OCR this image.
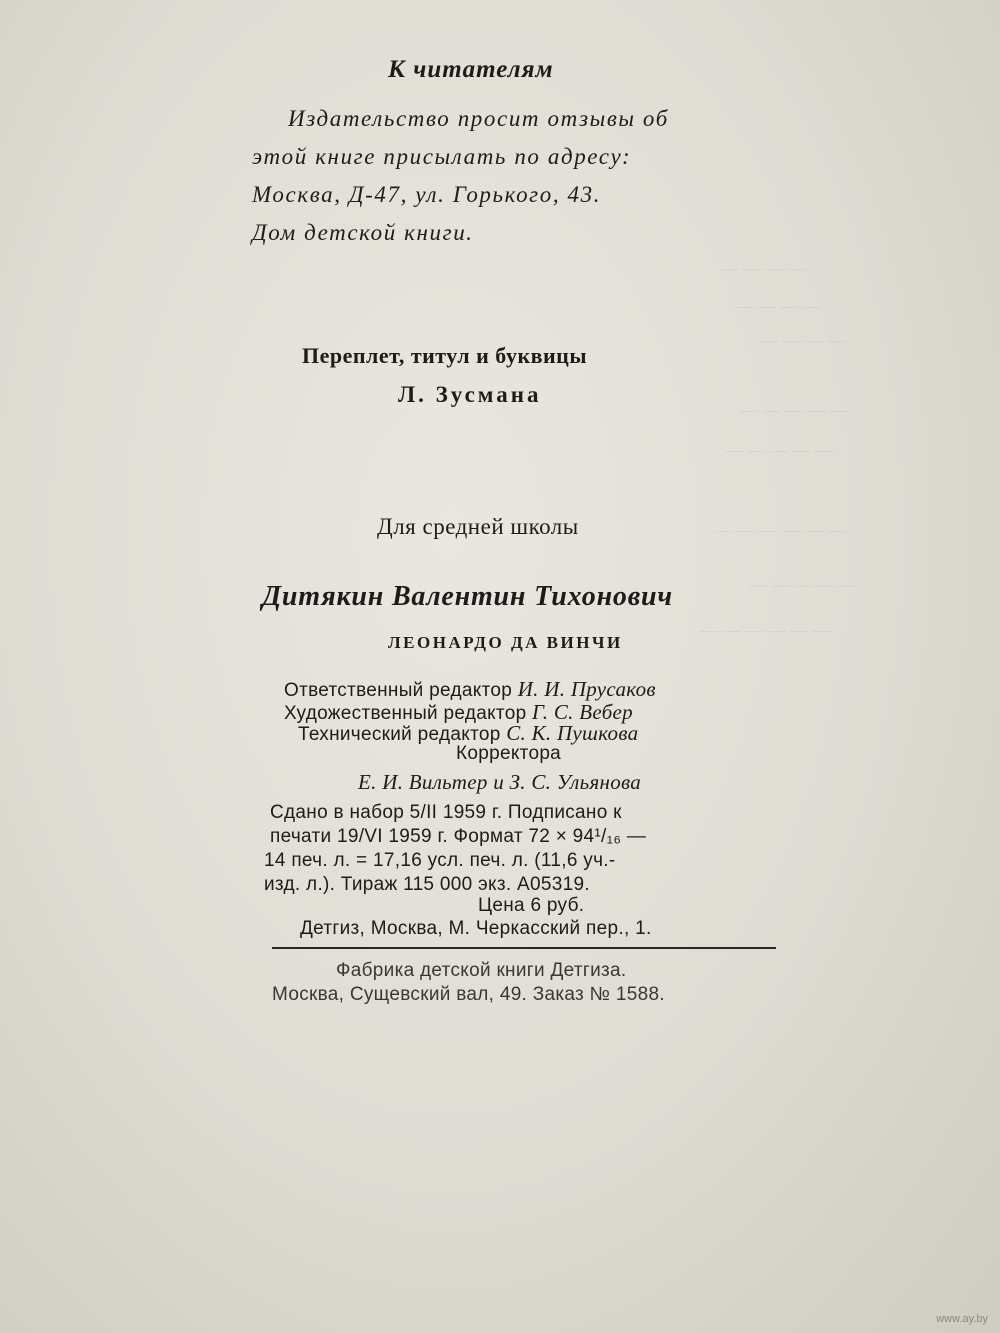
— — — —
— — — —
— — — —
— — — — —
— — — — —
— — — — — —
— — — — —
— — — — — —
К читателям
Издательство просит отзывы об
этой книге присылать по адресу:
Москва, Д-47, ул. Горького, 43.
Дом детской книги.
Переплет, титул и буквицы
Л. Зусмана
Для средней школы
Дитякин Валентин Тихонович
ЛЕОНАРДО ДА ВИНЧИ
Ответственный редактор И. И. Прусаков
Художественный редактор Г. С. Вебер
Технический редактор С. К. Пушкова
Корректора
Е. И. Вильтер и З. С. Ульянова
Сдано в набор 5/II 1959 г. Подписано к
печати 19/VI 1959 г. Формат 72 × 94¹/₁₆ —
14 печ. л. = 17,16 усл. печ. л. (11,6 уч.-
изд. л.). Тираж 115 000 экз. А05319.
Цена 6 руб.
Детгиз, Москва, М. Черкасский пер., 1.
Фабрика детской книги Детгиза.
Москва, Сущевский вал, 49. Заказ № 1588.
www.ay.by
